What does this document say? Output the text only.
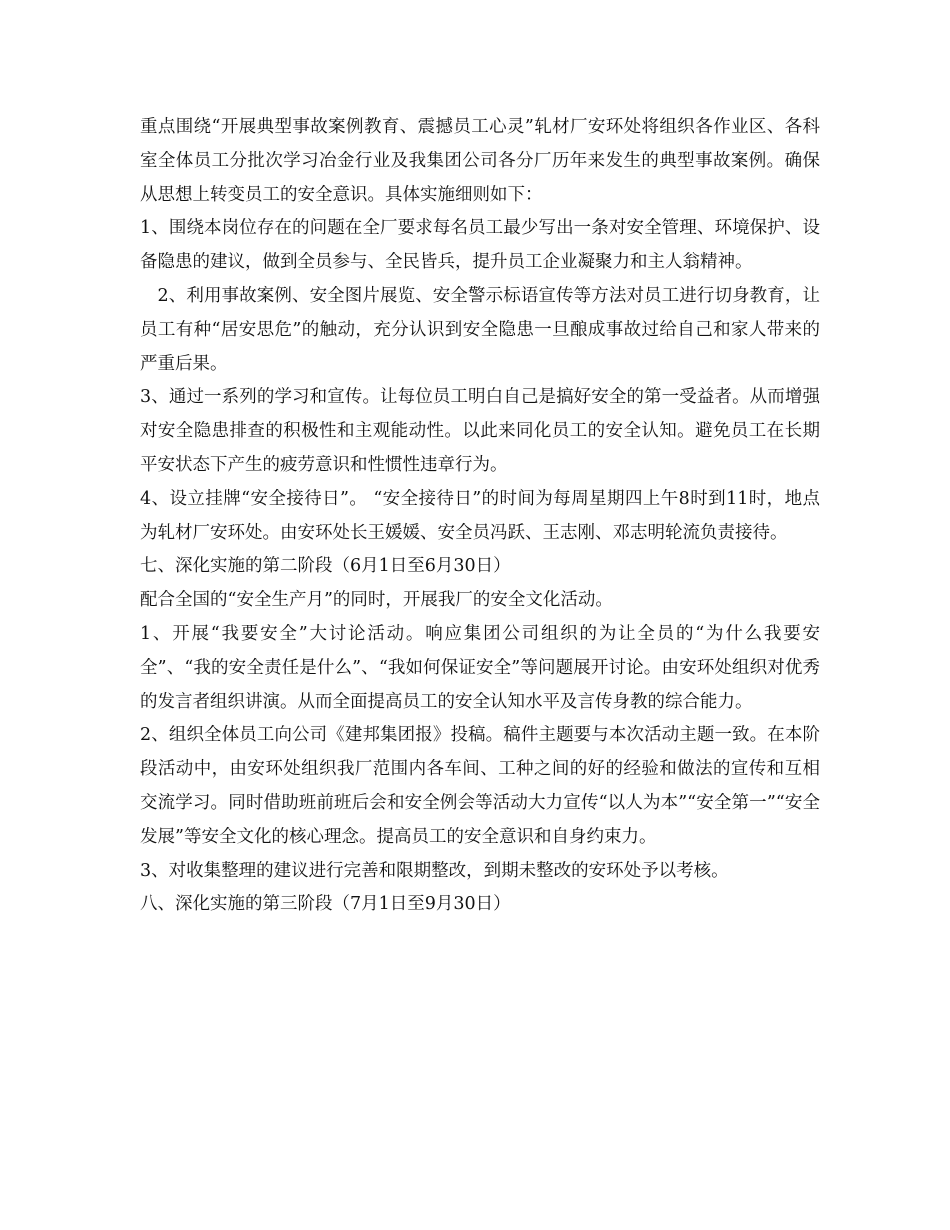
重点围绕“开展典型事故案例教育、震撼员工心灵”轧材厂安环处将组织各作业区、各科室全体员工分批次学习冶金行业及我集团公司各分厂历年来发生的典型事故案例。确保从思想上转变员工的安全意识。具体实施细则如下：

1、围绕本岗位存在的问题在全厂要求每名员工最少写出一条对安全管理、环境保护、设备隐患的建议，做到全员参与、全民皆兵，提升员工企业凝聚力和主人翁精神。

2、利用事故案例、安全图片展览、安全警示标语宣传等方法对员工进行切身教育，让员工有种“居安思危”的触动，充分认识到安全隐患一旦酿成事故过给自己和家人带来的严重后果。

3、通过一系列的学习和宣传。让每位员工明白自己是搞好安全的第一受益者。从而增强对安全隐患排查的积极性和主观能动性。以此来同化员工的安全认知。避免员工在长期平安状态下产生的疲劳意识和性惯性违章行为。

4、设立挂牌“安全接待日”。 “安全接待日”的时间为每周星期四上午8时到11时，地点为轧材厂安环处。由安环处长王媛媛、安全员冯跃、王志刚、邓志明轮流负责接待。

七、深化实施的第二阶段（6月1日至6月30日）

配合全国的“安全生产月”的同时，开展我厂的安全文化活动。

1、开展“我要安全”大讨论活动。响应集团公司组织的为让全员的“为什么我要安全”、“我的安全责任是什么”、“我如何保证安全”等问题展开讨论。由安环处组织对优秀的发言者组织讲演。从而全面提高员工的安全认知水平及言传身教的综合能力。

2、组织全体员工向公司《建邦集团报》投稿。稿件主题要与本次活动主题一致。在本阶段活动中，由安环处组织我厂范围内各车间、工种之间的好的经验和做法的宣传和互相交流学习。同时借助班前班后会和安全例会等活动大力宣传“以人为本”“安全第一”“安全发展”等安全文化的核心理念。提高员工的安全意识和自身约束力。

3、对收集整理的建议进行完善和限期整改，到期未整改的安环处予以考核。

八、深化实施的第三阶段（7月1日至9月30日）
